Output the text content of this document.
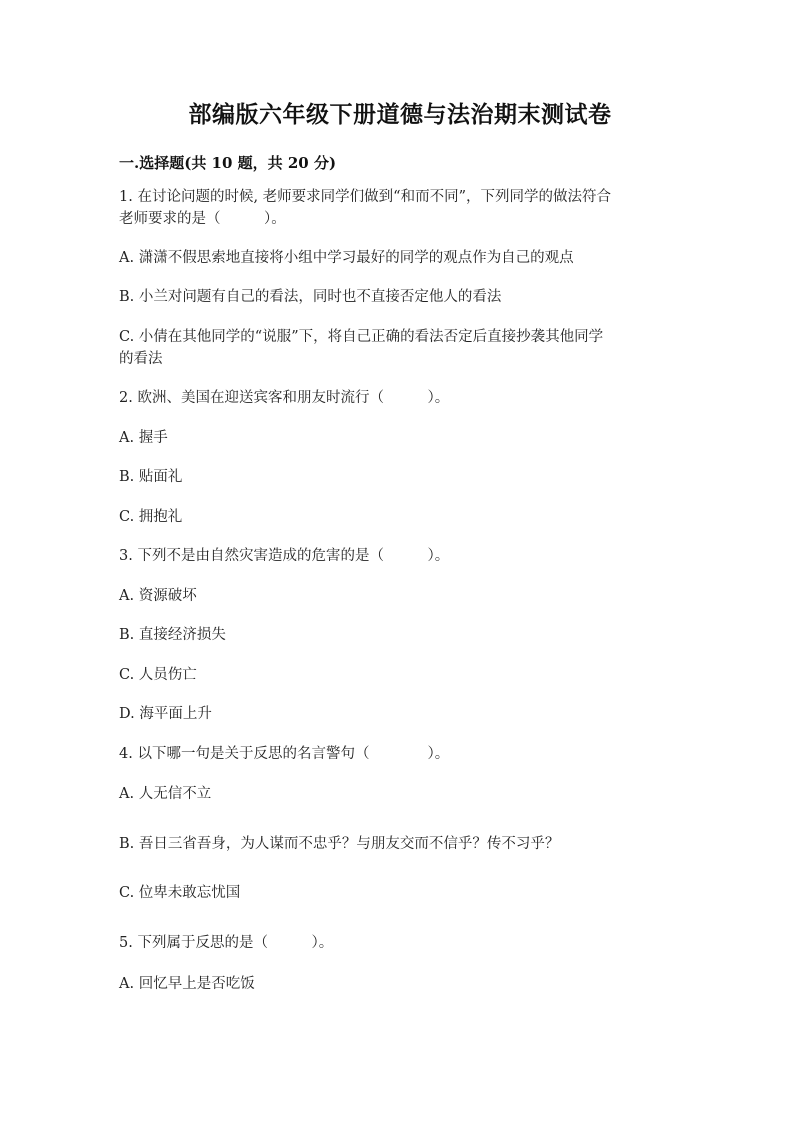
部编版六年级下册道德与法治期末测试卷
一.选择题(共 10 题，共 20 分)
1. 在讨论问题的时候, 老师要求同学们做到“和而不同”，下列同学的做法符合
老师要求的是（　　　）。
A. 潇潇不假思索地直接将小组中学习最好的同学的观点作为自己的观点
B. 小兰对问题有自己的看法，同时也不直接否定他人的看法
C. 小倩在其他同学的“说服”下，将自己正确的看法否定后直接抄袭其他同学
的看法
2. 欧洲、美国在迎送宾客和朋友时流行（　　　）。
A. 握手
B. 贴面礼
C. 拥抱礼
3. 下列不是由自然灾害造成的危害的是（　　　）。
A. 资源破坏
B. 直接经济损失
C. 人员伤亡
D. 海平面上升
4. 以下哪一句是关于反思的名言警句（　　　　）。
A. 人无信不立
B. 吾日三省吾身，为人谋而不忠乎？与朋友交而不信乎？传不习乎？
C. 位卑未敢忘忧国
5. 下列属于反思的是（　　　）。
A. 回忆早上是否吃饭
